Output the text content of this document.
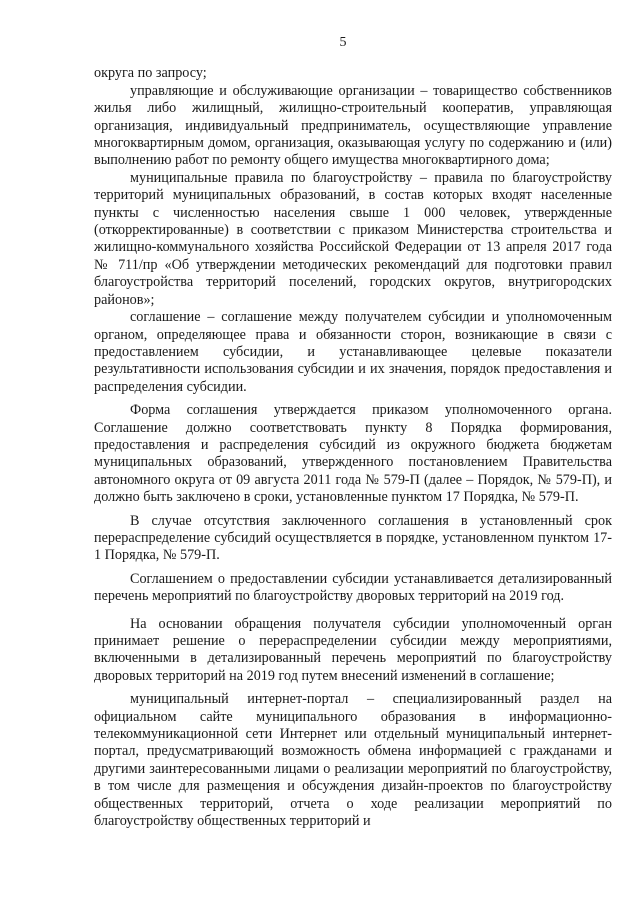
5

округа по запросу;

управляющие и обслуживающие организации – товарищество собственников жилья либо жилищный, жилищно-строительный кооператив, управляющая организация, индивидуальный предприниматель, осуществляющие управление многоквартирным домом, организация, оказывающая услугу по содержанию и (или) выполнению работ по ремонту общего имущества многоквартирного дома;

муниципальные правила по благоустройству – правила по благоустройству территорий муниципальных образований, в состав которых входят населенные пункты с численностью населения свыше 1 000 человек, утвержденные (откорректированные) в соответствии с приказом Министерства строительства и жилищно-коммунального хозяйства Российской Федерации от 13 апреля 2017 года № 711/пр «Об утверждении методических рекомендаций для подготовки правил благоустройства территорий поселений, городских округов, внутригородских районов»;

соглашение – соглашение между получателем субсидии и уполномоченным органом, определяющее права и обязанности сторон, возникающие в связи с предоставлением субсидии, и устанавливающее целевые показатели результативности использования субсидии и их значения, порядок предоставления и распределения субсидии.

Форма соглашения утверждается приказом уполномоченного органа. Соглашение должно соответствовать пункту 8 Порядка формирования, предоставления и распределения субсидий из окружного бюджета бюджетам муниципальных образований, утвержденного постановлением Правительства автономного округа от 09 августа 2011 года № 579-П (далее – Порядок, № 579-П), и должно быть заключено в сроки, установленные пунктом 17 Порядка, № 579-П.

В случае отсутствия заключенного соглашения в установленный срок перераспределение субсидий осуществляется в порядке, установленном пунктом 17-1 Порядка, № 579-П.

Соглашением о предоставлении субсидии устанавливается детализированный перечень мероприятий по благоустройству дворовых территорий на 2019 год.

На основании обращения получателя субсидии уполномоченный орган принимает решение о перераспределении субсидии между мероприятиями, включенными в детализированный перечень мероприятий по благоустройству дворовых территорий на 2019 год путем внесений изменений в соглашение;

муниципальный интернет-портал – специализированный раздел на официальном сайте муниципального образования в информационно-телекоммуникационной сети Интернет или отдельный муниципальный интернет-портал, предусматривающий возможность обмена информацией с гражданами и другими заинтересованными лицами о реализации мероприятий по благоустройству, в том числе для размещения и обсуждения дизайн-проектов по благоустройству общественных территорий, отчета о ходе реализации мероприятий по благоустройству общественных территорий и
